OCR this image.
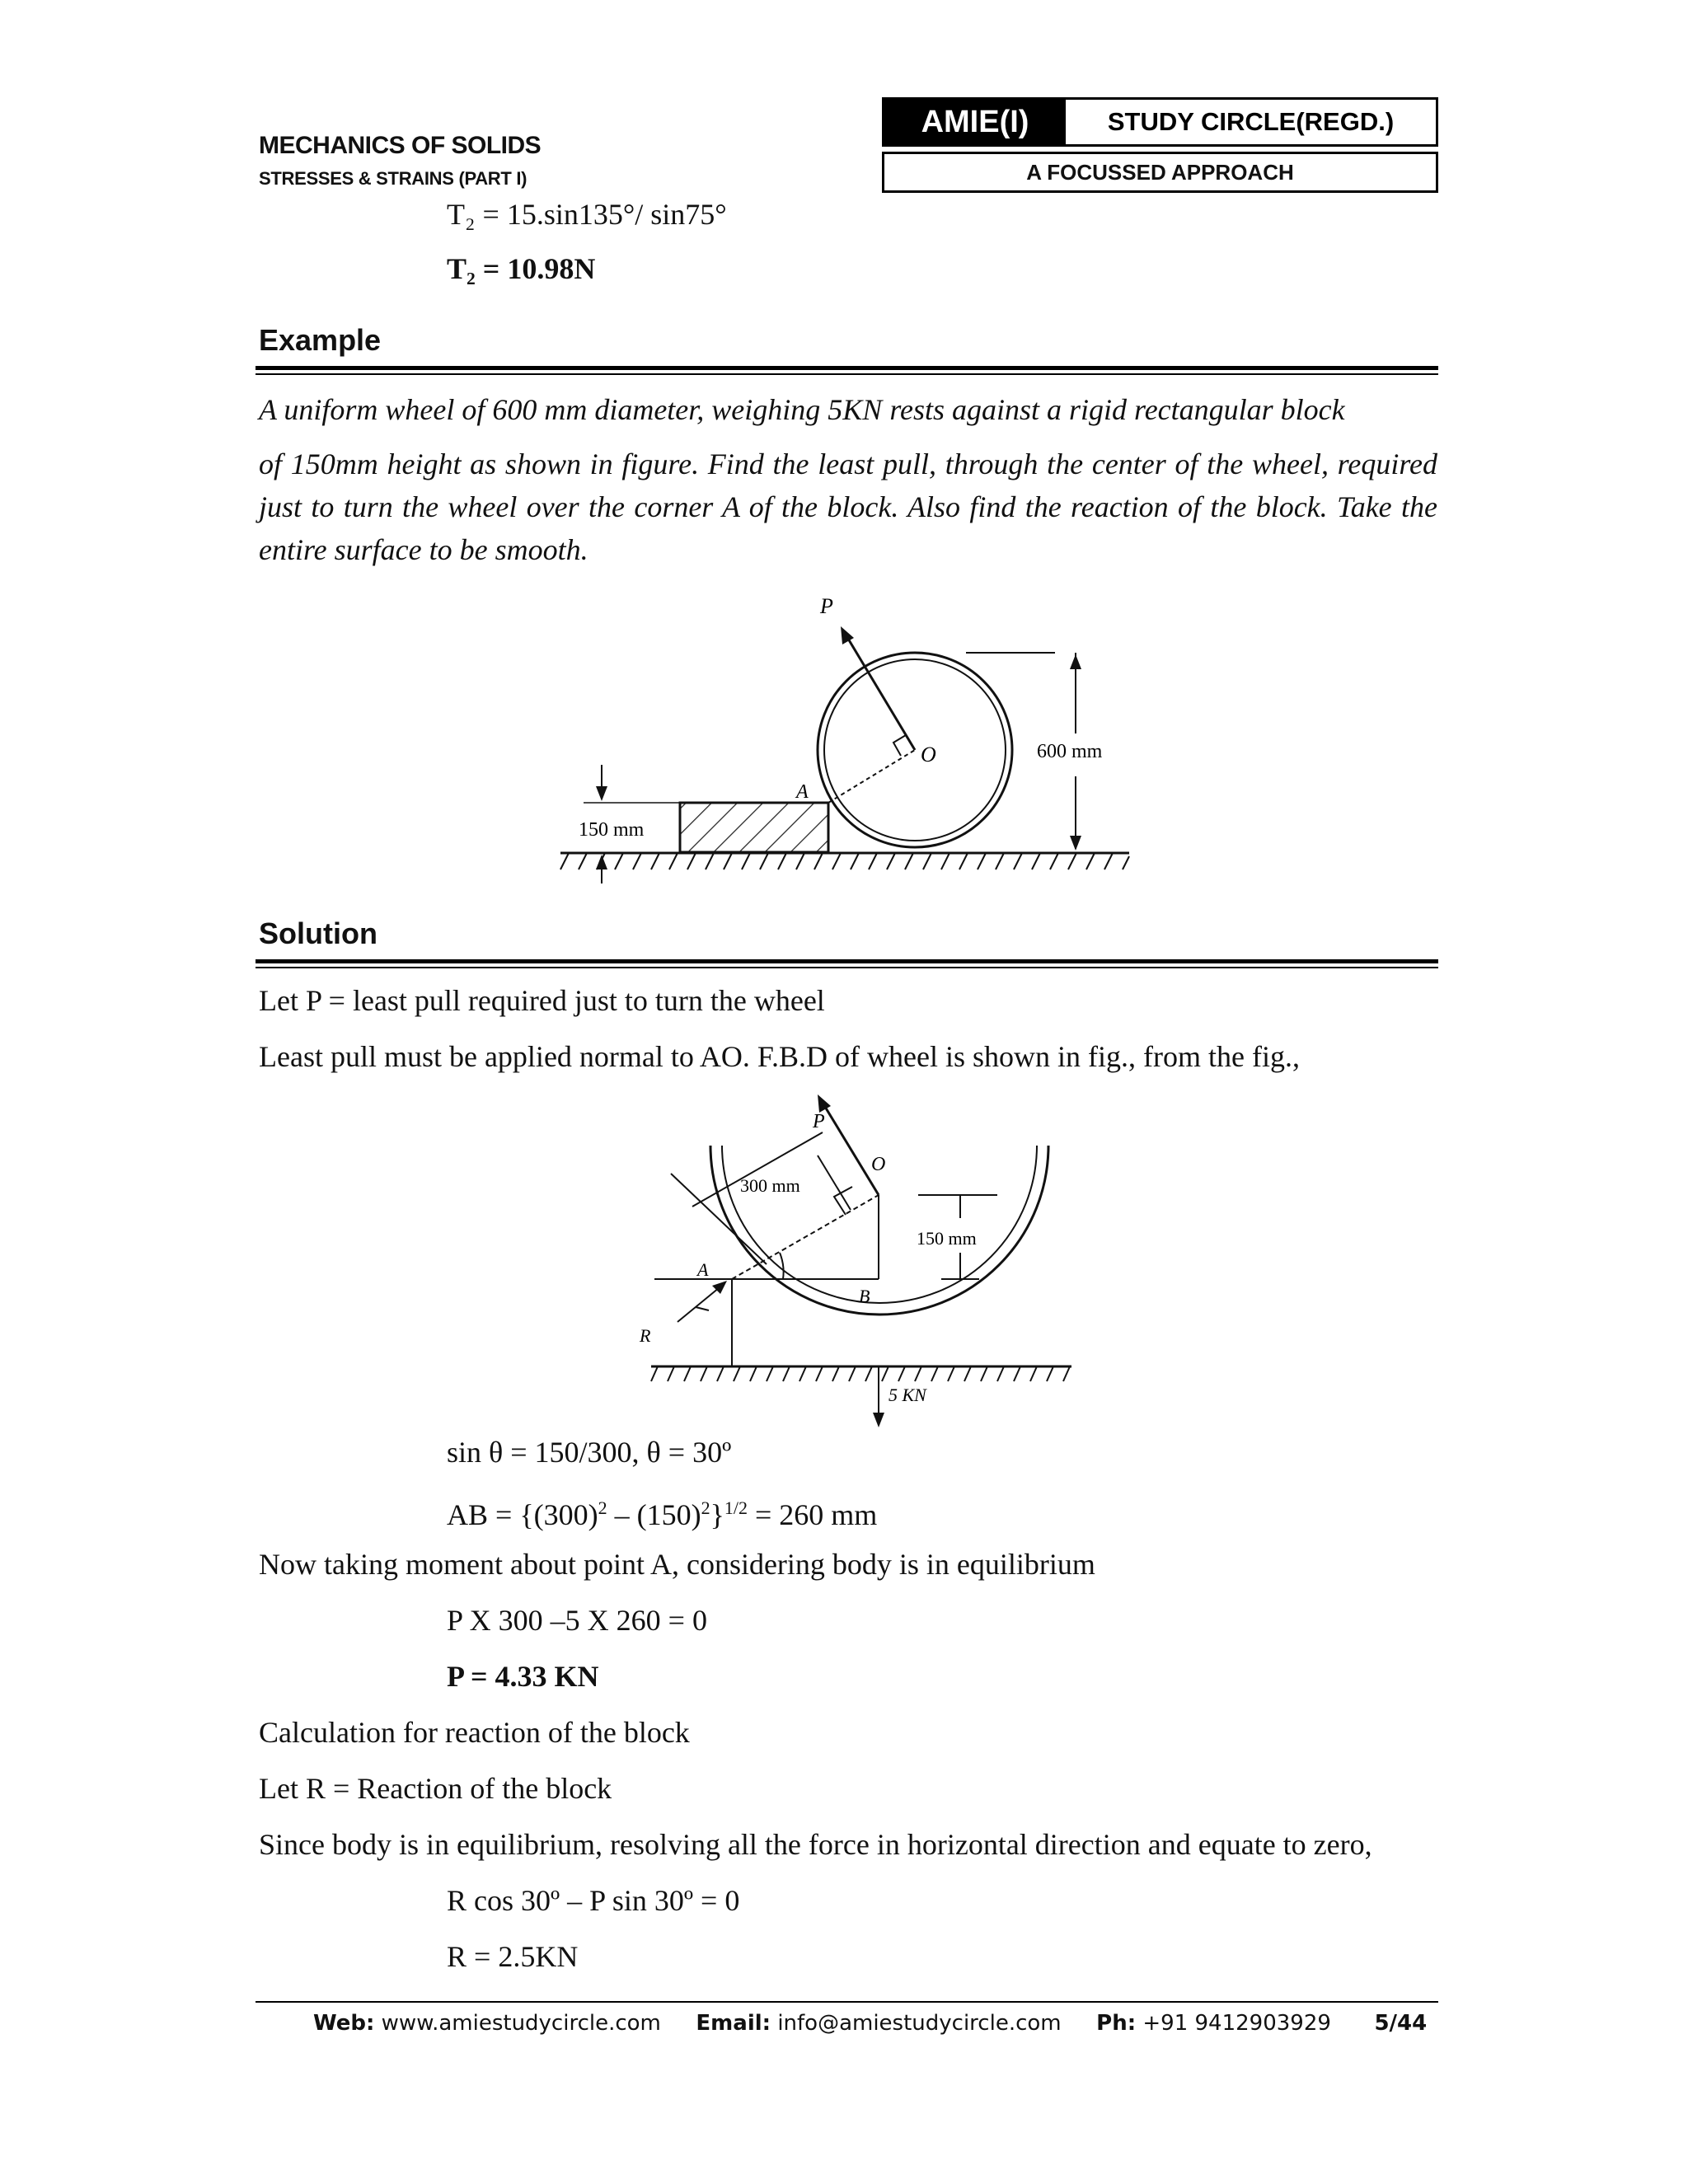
MECHANICS OF SOLIDS
STRESSES & STRAINS (PART I)
AMIE(I)	STUDY CIRCLE(REGD.)
A FOCUSSED APPROACH
T₂ = 15.sin135°/ sin75°
T₂ = 10.98N
Example
A uniform wheel of 600 mm diameter, weighing 5KN rests against a rigid rectangular block
of 150mm height as shown in figure. Find the least pull, through the center of the wheel, required just to turn the wheel over the corner A of the block. Also find the reaction of the block. Take the entire surface to be smooth.
P
O
A
600 mm
150 mm
Solution
Let P = least pull required just to turn the wheel
Least pull must be applied normal to AO. F.B.D of wheel is shown in fig., from the fig.,
P
O
A
B
R
300 mm
150 mm
5 KN
sin θ = 150/300, θ = 30º
AB = $\{(300)^2 - (150)^2\}^{1/2} = 260$ mm
Now taking moment about point A, considering body is in equilibrium
P X 300 –5 X 260 = 0
P = 4.33 KN
Calculation for reaction of the block
Let R = Reaction of the block
Since body is in equilibrium, resolving all the force in horizontal direction and equate to zero,
R cos 30º – P sin 30º = 0
R = 2.5KN
Web: www.amiestudycircle.com Email: info@amiestudycircle.com Ph: +91 9412903929 5/44
